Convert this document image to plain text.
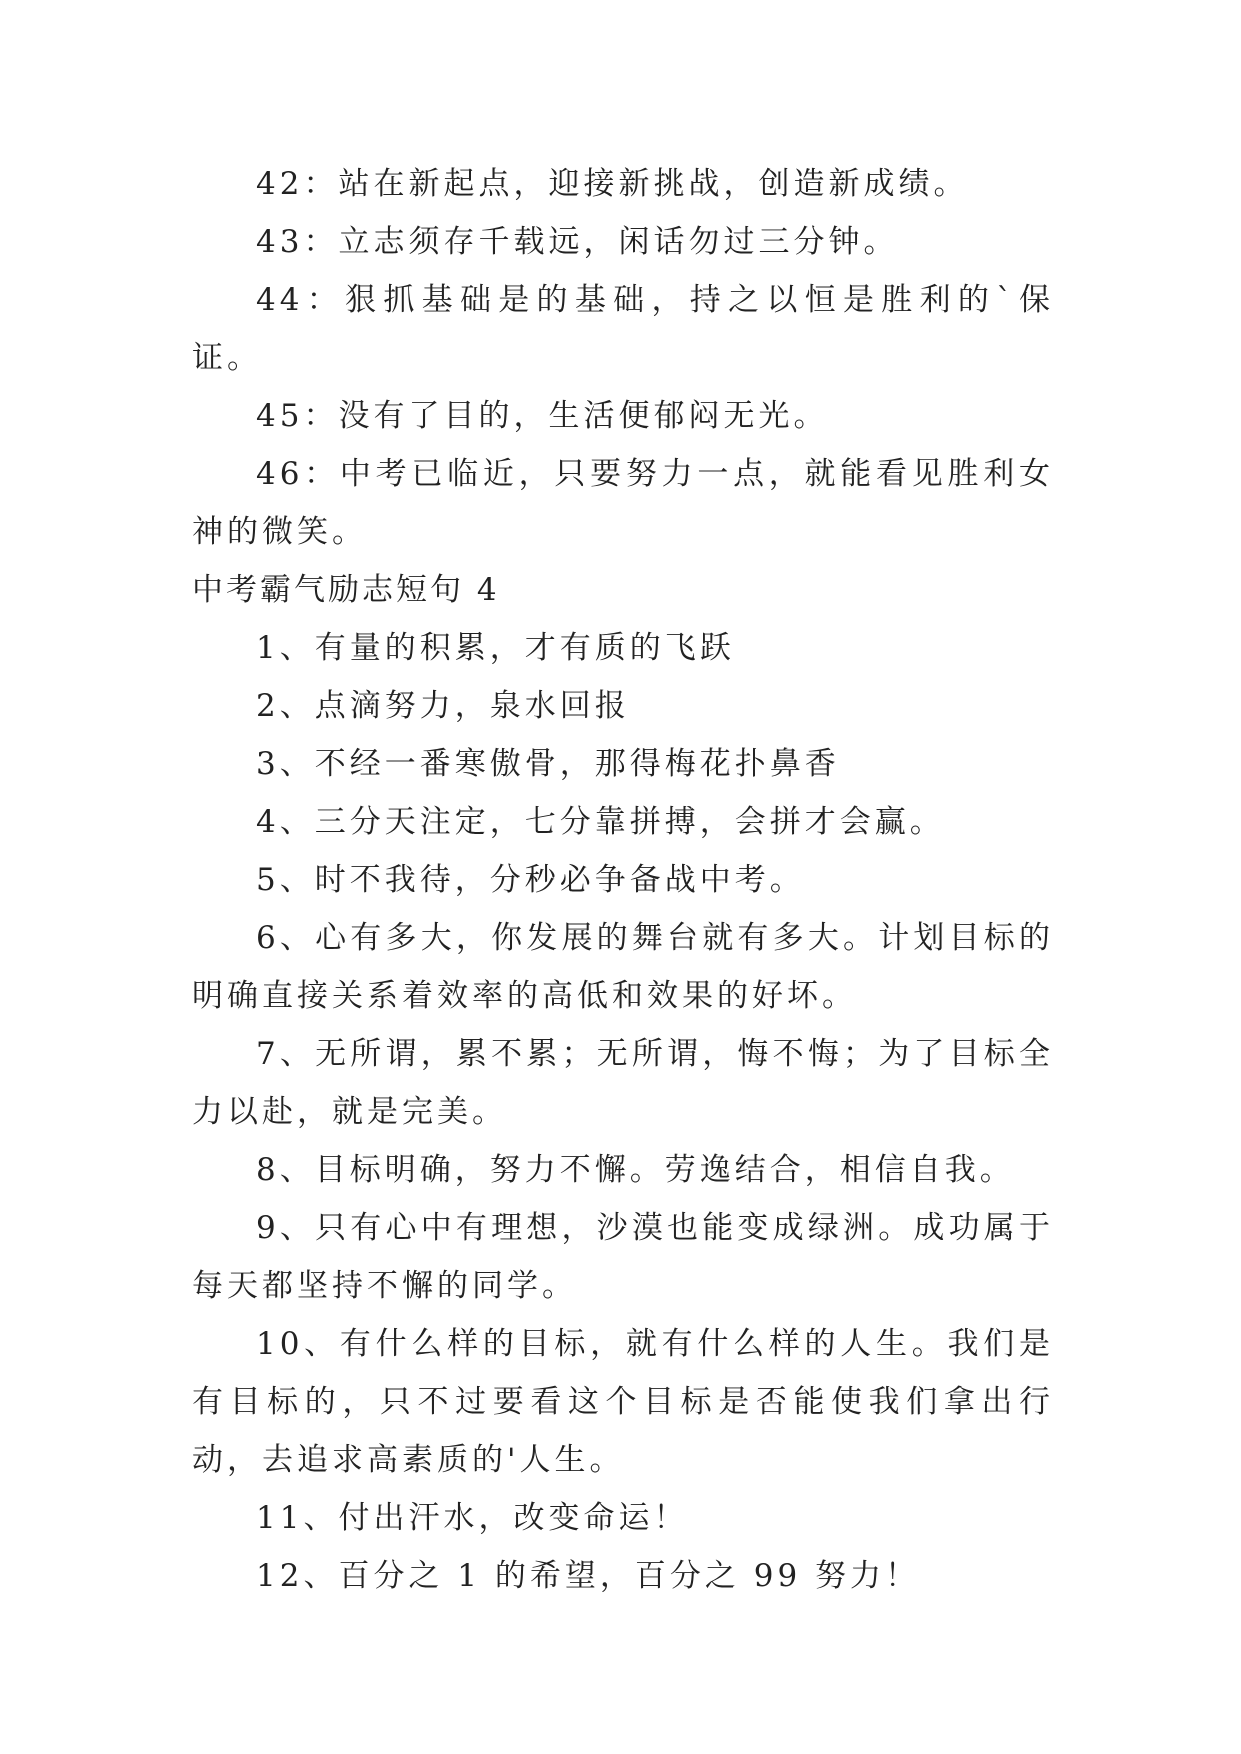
42：站在新起点，迎接新挑战，创造新成绩。
43：立志须存千载远，闲话勿过三分钟。
44：狠抓基础是的基础，持之以恒是胜利的`保证。
45：没有了目的，生活便郁闷无光。
46：中考已临近，只要努力一点，就能看见胜利女神的微笑。
中考霸气励志短句 4
1、有量的积累，才有质的飞跃
2、点滴努力，泉水回报
3、不经一番寒傲骨，那得梅花扑鼻香
4、三分天注定，七分靠拼搏，会拼才会赢。
5、时不我待，分秒必争备战中考。
6、心有多大，你发展的舞台就有多大。计划目标的明确直接关系着效率的高低和效果的好坏。
7、无所谓，累不累；无所谓，悔不悔；为了目标全力以赴，就是完美。
8、目标明确，努力不懈。劳逸结合，相信自我。
9、只有心中有理想，沙漠也能变成绿洲。成功属于每天都坚持不懈的同学。
10、有什么样的目标，就有什么样的人生。我们是有目标的，只不过要看这个目标是否能使我们拿出行动，去追求高素质的'人生。
11、付出汗水，改变命运！
12、百分之 1 的希望，百分之 99 努力！
